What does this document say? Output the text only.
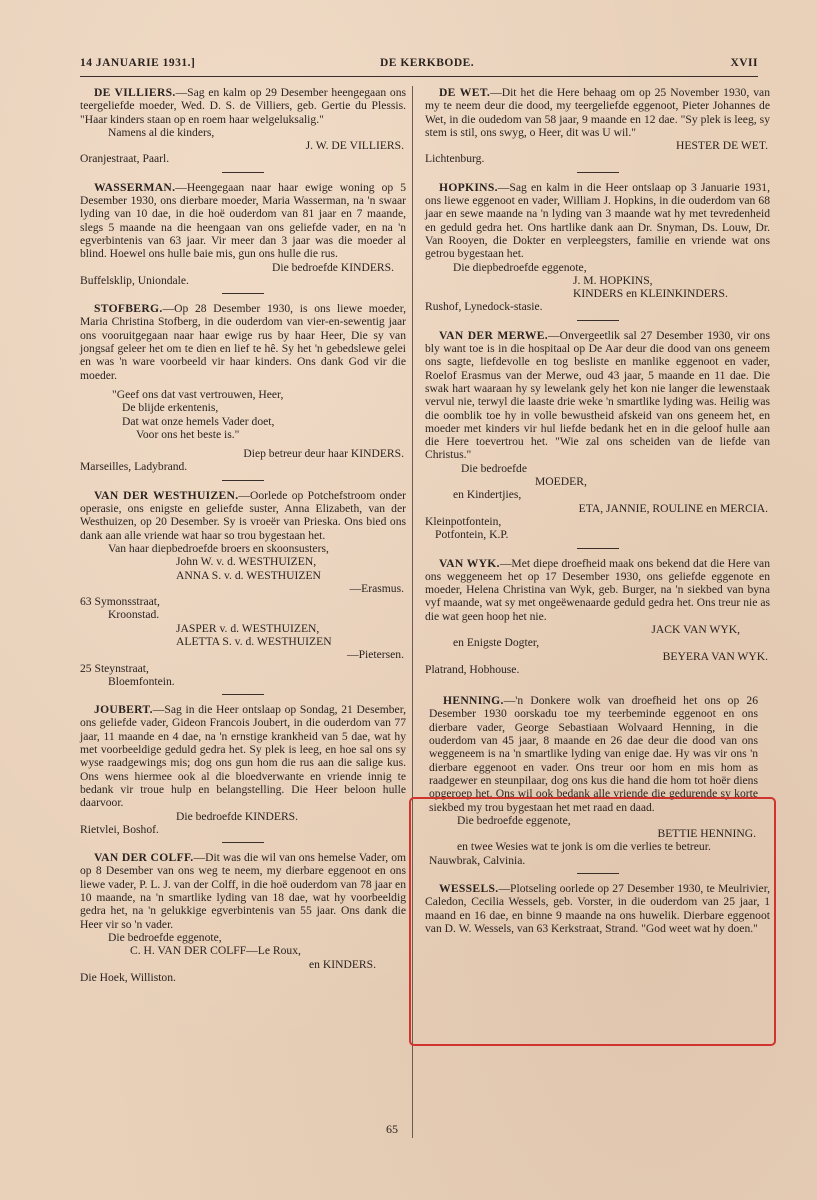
14 JANUARIE 1931.]	DE KERKBODE.	XVII

DE VILLIERS.—Sag en kalm op 29 Desember heengegaan ons teergeliefde moeder, Wed. D. S. de Villiers, geb. Gertie du Plessis. "Haar kinders staan op en roem haar welgeluksalig."

Namens al die kinders,

J. W. DE VILLIERS.

Oranjestraat, Paarl.

WASSERMAN.—Heengegaan naar haar ewige woning op 5 Desember 1930, ons dierbare moeder, Maria Wasserman, na 'n swaar lyding van 10 dae, in die hoë ouderdom van 81 jaar en 7 maande, slegs 5 maande na die heengaan van ons geliefde vader, en na 'n egverbintenis van 63 jaar. Vir meer dan 3 jaar was die moeder al blind. Hoewel ons hulle baie mis, gun ons hulle die rus.

Die bedroefde KINDERS.

Buffelsklip, Uniondale.

STOFBERG.—Op 28 Desember 1930, is ons liewe moeder, Maria Christina Stofberg, in die ouderdom van vier-en-sewentig jaar ons vooruitgegaan naar haar ewige rus by haar Heer, Die sy van jongsaf geleer het om te dien en lief te hê. Sy het 'n gebedslewe gelei en was 'n ware voorbeeld vir haar kinders. Ons dank God vir die moeder.

"Geef ons dat vast vertrouwen, Heer,

De blijde erkentenis,

Dat wat onze hemels Vader doet,

Voor ons het beste is."

Diep betreur deur haar KINDERS.

Marseilles, Ladybrand.

VAN DER WESTHUIZEN.—Oorlede op Potchefstroom onder operasie, ons enigste en geliefde suster, Anna Elizabeth, van der Westhuizen, op 20 Desember. Sy is vroeër van Prieska. Ons bied ons dank aan alle vriende wat haar so trou bygestaan het.

Van haar diepbedroefde broers en skoonsusters,

John W. v. d. WESTHUIZEN,

ANNA S. v. d. WESTHUIZEN

—Erasmus.

63 Symonsstraat,

Kroonstad.

JASPER v. d. WESTHUIZEN,

ALETTA S. v. d. WESTHUIZEN

—Pietersen.

25 Steynstraat,

Bloemfontein.

JOUBERT.—Sag in die Heer ontslaap op Sondag, 21 Desember, ons geliefde vader, Gideon Francois Joubert, in die ouderdom van 77 jaar, 11 maande en 4 dae, na 'n ernstige krankheid van 5 dae, wat hy met voorbeeldige geduld gedra het. Sy plek is leeg, en hoe sal ons sy wyse raadgewings mis; dog ons gun hom die rus aan die salige kus. Ons wens hiermee ook al die bloedverwante en vriende innig te bedank vir troue hulp en belangstelling. Die Heer beloon hulle daarvoor.

Die bedroefde KINDERS.

Rietvlei, Boshof.

VAN DER COLFF.—Dit was die wil van ons hemelse Vader, om op 8 Desember van ons weg te neem, my dierbare eggenoot en ons liewe vader, P. L. J. van der Colff, in die hoë ouderdom van 78 jaar en 10 maande, na 'n smartlike lyding van 18 dae, wat hy voorbeeldig gedra het, na 'n gelukkige egverbintenis van 55 jaar. Ons dank die Heer vir so 'n vader.

Die bedroefde eggenote,

C. H. VAN DER COLFF—Le Roux,

en KINDERS.

Die Hoek, Williston.

DE WET.—Dit het die Here behaag om op 25 November 1930, van my te neem deur die dood, my teergeliefde eggenoot, Pieter Johannes de Wet, in die oudedom van 58 jaar, 9 maande en 12 dae. "Sy plek is leeg, sy stem is stil, ons swyg, o Heer, dit was U wil."

HESTER DE WET.

Lichtenburg.

HOPKINS.—Sag en kalm in die Heer ontslaap op 3 Januarie 1931, ons liewe eggenoot en vader, William J. Hopkins, in die ouderdom van 68 jaar en sewe maande na 'n lyding van 3 maande wat hy met tevredenheid en geduld gedra het. Ons hartlike dank aan Dr. Snyman, Ds. Louw, Dr. Van Rooyen, die Dokter en verpleegsters, familie en vriende wat ons getrou bygestaan het.

Die diepbedroefde eggenote,

J. M. HOPKINS,

KINDERS en KLEINKINDERS.

Rushof, Lynedock-stasie.

VAN DER MERWE.—Onvergeetlik sal 27 Desember 1930, vir ons bly want toe is in die hospitaal op De Aar deur die dood van ons geneem ons sagte, liefdevolle en tog besliste en manlike eggenoot en vader, Roelof Erasmus van der Merwe, oud 43 jaar, 5 maande en 11 dae. Die swak hart waaraan hy sy lewelank gely het kon nie langer die lewenstaak vervul nie, terwyl die laaste drie weke 'n smartlike lyding was. Heilig was die oomblik toe hy in volle bewustheid afskeid van ons geneem het, en moeder met kinders vir hul liefde bedank het en in die geloof hulle aan die Here toevertrou het. "Wie zal ons scheiden van de liefde van Christus."

Die bedroefde

MOEDER,

en Kindertjies,

ETA, JANNIE, ROULINE en MERCIA.

Kleinpotfontein,

Potfontein, K.P.

VAN WYK.—Met diepe droefheid maak ons bekend dat die Here van ons weggeneem het op 17 Desember 1930, ons geliefde eggenote en moeder, Helena Christina van Wyk, geb. Burger, na 'n siekbed van byna vyf maande, wat sy met ongeëwenaarde geduld gedra het. Ons treur nie as die wat geen hoop het nie.

JACK VAN WYK,

en Enigste Dogter,

BEYERA VAN WYK.

Platrand, Hobhouse.

HENNING.—'n Donkere wolk van droefheid het ons op 26 Desember 1930 oorskadu toe my teerbeminde eggenoot en ons dierbare vader, George Sebastiaan Wolvaard Henning, in die ouderdom van 45 jaar, 8 maande en 26 dae deur die dood van ons weggeneem is na 'n smartlike lyding van enige dae. Hy was vir ons 'n dierbare eggenoot en vader. Ons treur oor hom en mis hom as raadgewer en steunpilaar, dog ons kus die hand die hom tot hoër diens opgeroep het. Ons wil ook bedank alle vriende die gedurende sy korte siekbed my trou bygestaan het met raad en daad.

Die bedroefde eggenote,

BETTIE HENNING.

en twee Wesies wat te jonk is om die verlies te betreur.

Nauwbrak, Calvinia.

WESSELS.—Plotseling oorlede op 27 Desember 1930, te Meulrivier, Caledon, Cecilia Wessels, geb. Vorster, in die ouderdom van 25 jaar, 1 maand en 16 dae, en binne 9 maande na ons huwelik. Dierbare eggenoot van D. W. Wessels, van 63 Kerkstraat, Strand. "God weet wat hy doen."

65
